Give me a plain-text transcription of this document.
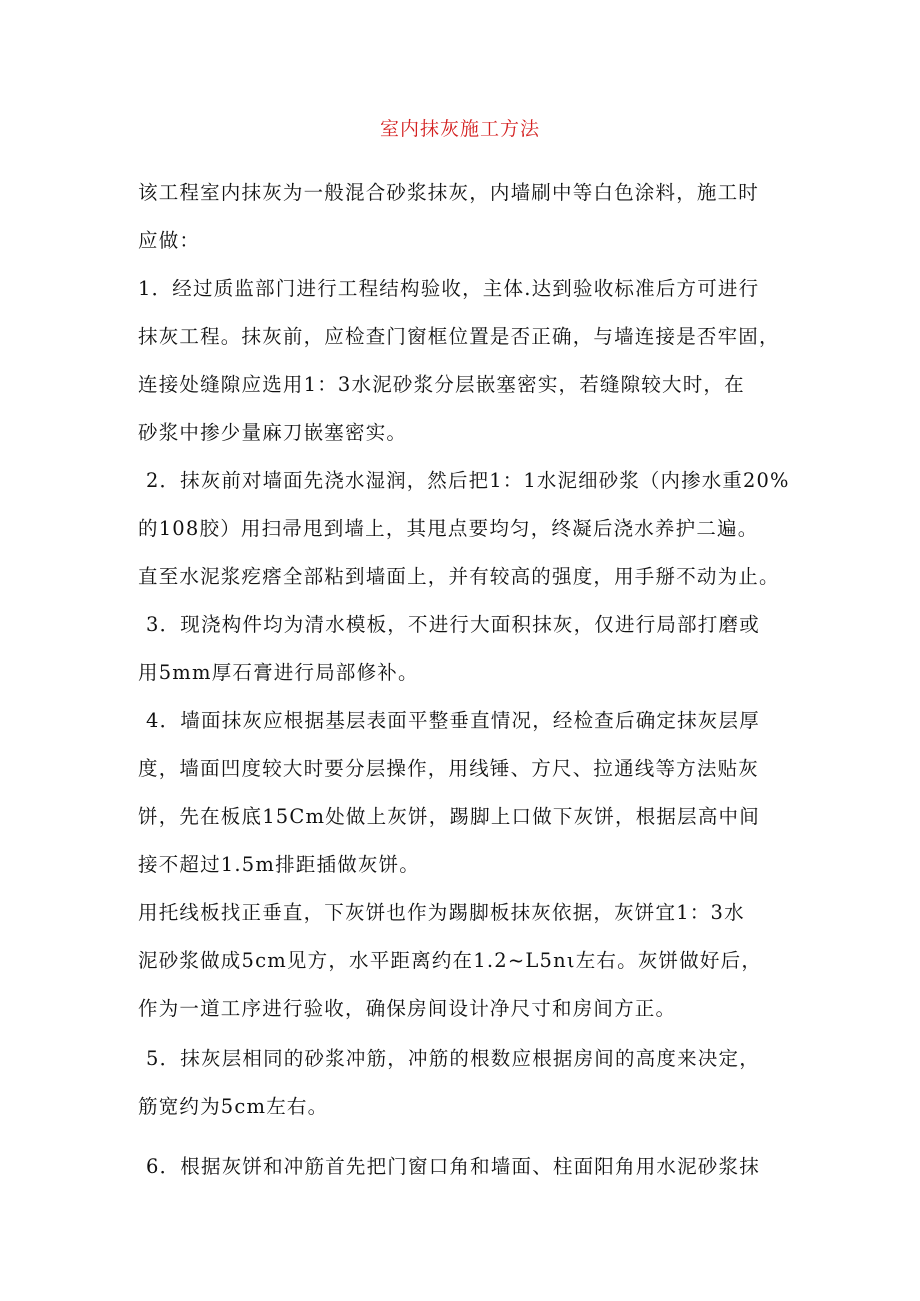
室内抹灰施工方法
该工程室内抹灰为一般混合砂浆抹灰，内墙刷中等白色涂料，施工时
应做：
1．经过质监部门进行工程结构验收，主体.达到验收标准后方可进行
抹灰工程。抹灰前，应检查门窗框位置是否正确，与墙连接是否牢固，
连接处缝隙应选用1：3水泥砂浆分层嵌塞密实，若缝隙较大时，在
砂浆中掺少量麻刀嵌塞密实。
2．抹灰前对墙面先浇水湿润，然后把1：1水泥细砂浆（内掺水重20%
的108胶）用扫帚甩到墙上，其甩点要均匀，终凝后浇水养护二遍。
直至水泥浆疙瘩全部粘到墙面上，并有较高的强度，用手掰不动为止。
3．现浇构件均为清水模板，不进行大面积抹灰，仅进行局部打磨或
用5mm厚石膏进行局部修补。
4．墙面抹灰应根据基层表面平整垂直情况，经检查后确定抹灰层厚
度，墙面凹度较大时要分层操作，用线锤、方尺、拉通线等方法贴灰
饼，先在板底15Cm处做上灰饼，踢脚上口做下灰饼，根据层高中间
接不超过1.5m排距插做灰饼。
用托线板找正垂直，下灰饼也作为踢脚板抹灰依据，灰饼宜1：3水
泥砂浆做成5cm见方，水平距离约在1.2~L5nι左右。灰饼做好后，
作为一道工序进行验收，确保房间设计净尺寸和房间方正。
5．抹灰层相同的砂浆冲筋，冲筋的根数应根据房间的高度来决定，
筋宽约为5cm左右。
6．根据灰饼和冲筋首先把门窗口角和墙面、柱面阳角用水泥砂浆抹
